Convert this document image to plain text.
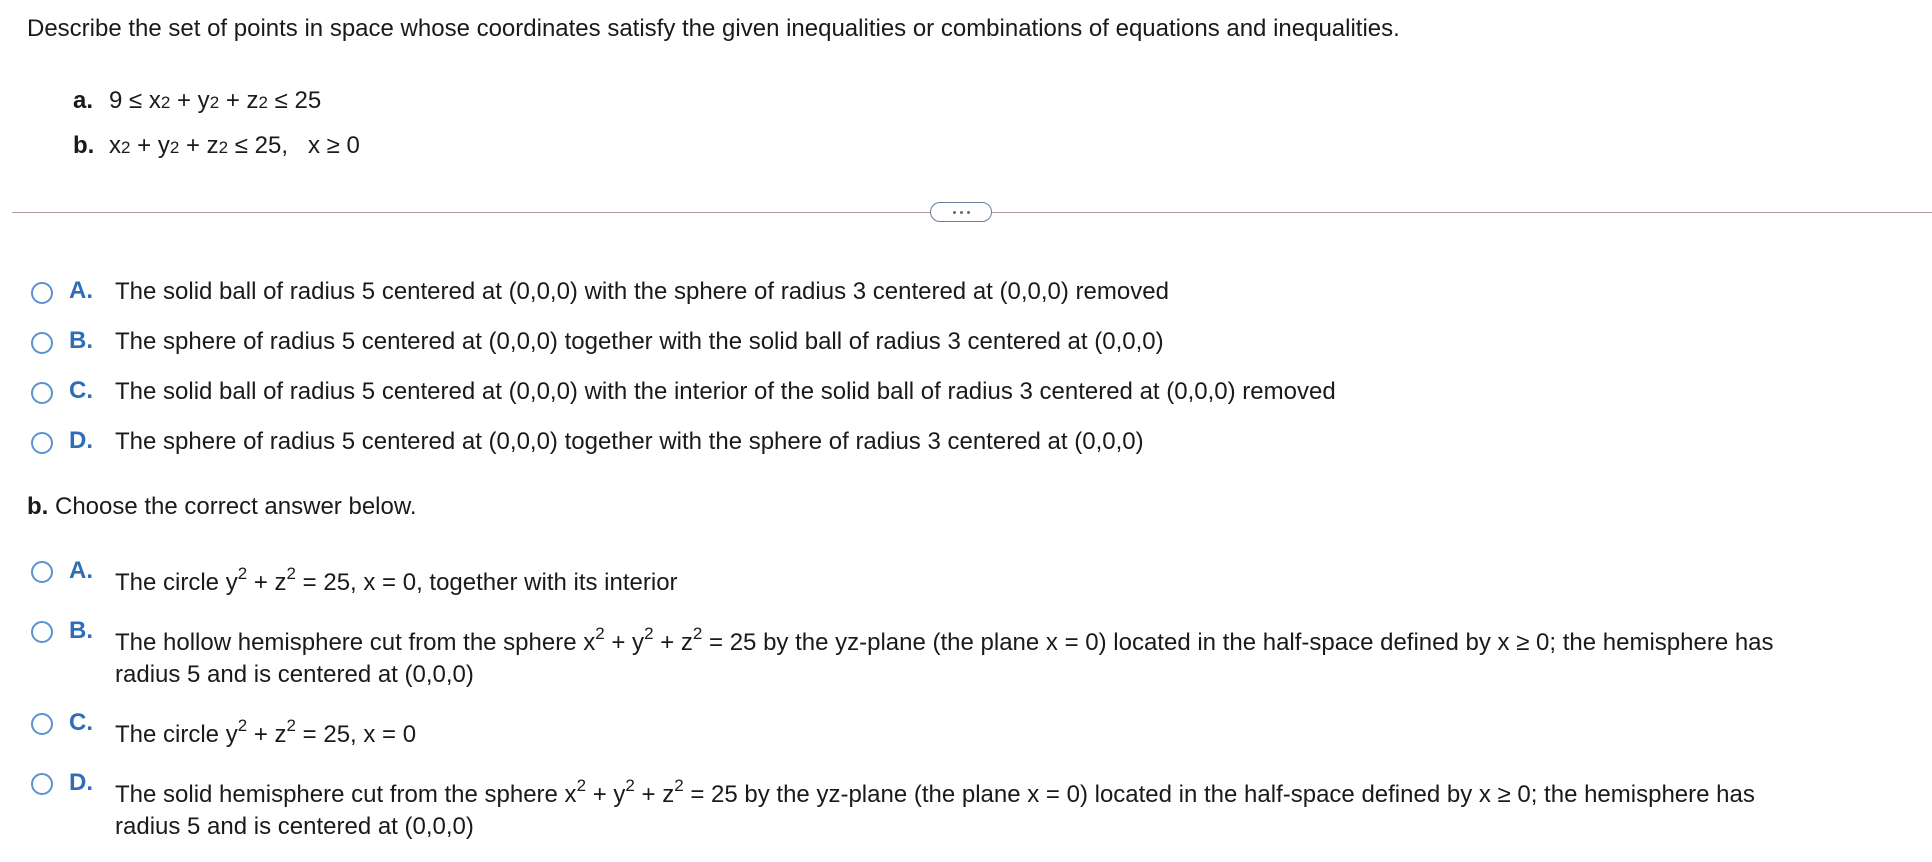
Describe the set of points in space whose coordinates satisfy the given inequalities or combinations of equations and inequalities.
a. 9 ≤ x 2 + y 2 + z 2 ≤ 25
b. x 2 + y 2 + z 2 ≤ 25,   x ≥ 0
A. The solid ball of radius 5 centered at (0,0,0) with the sphere of radius 3 centered at (0,0,0) removed
B. The sphere of radius 5 centered at (0,0,0) together with the solid ball of radius 3 centered at (0,0,0)
C. The solid ball of radius 5 centered at (0,0,0) with the interior of the solid ball of radius 3 centered at (0,0,0) removed
D. The sphere of radius 5 centered at (0,0,0) together with the sphere of radius 3 centered at (0,0,0)
b. Choose the correct answer below.
A. The circle $y^2 + z^2 = 25$, x = 0, together with its interior
B. The hollow hemisphere cut from the sphere $x^2 + y^2 + z^2 = 25$ by the yz-plane (the plane x = 0) located in the half-space defined by x ≥ 0; the hemisphere has
radius 5 and is centered at (0,0,0)
C. The circle $y^2 + z^2 = 25$, x = 0
D. The solid hemisphere cut from the sphere $x^2 + y^2 + z^2 = 25$ by the yz-plane (the plane x = 0) located in the half-space defined by x ≥ 0; the hemisphere has
radius 5 and is centered at (0,0,0)
